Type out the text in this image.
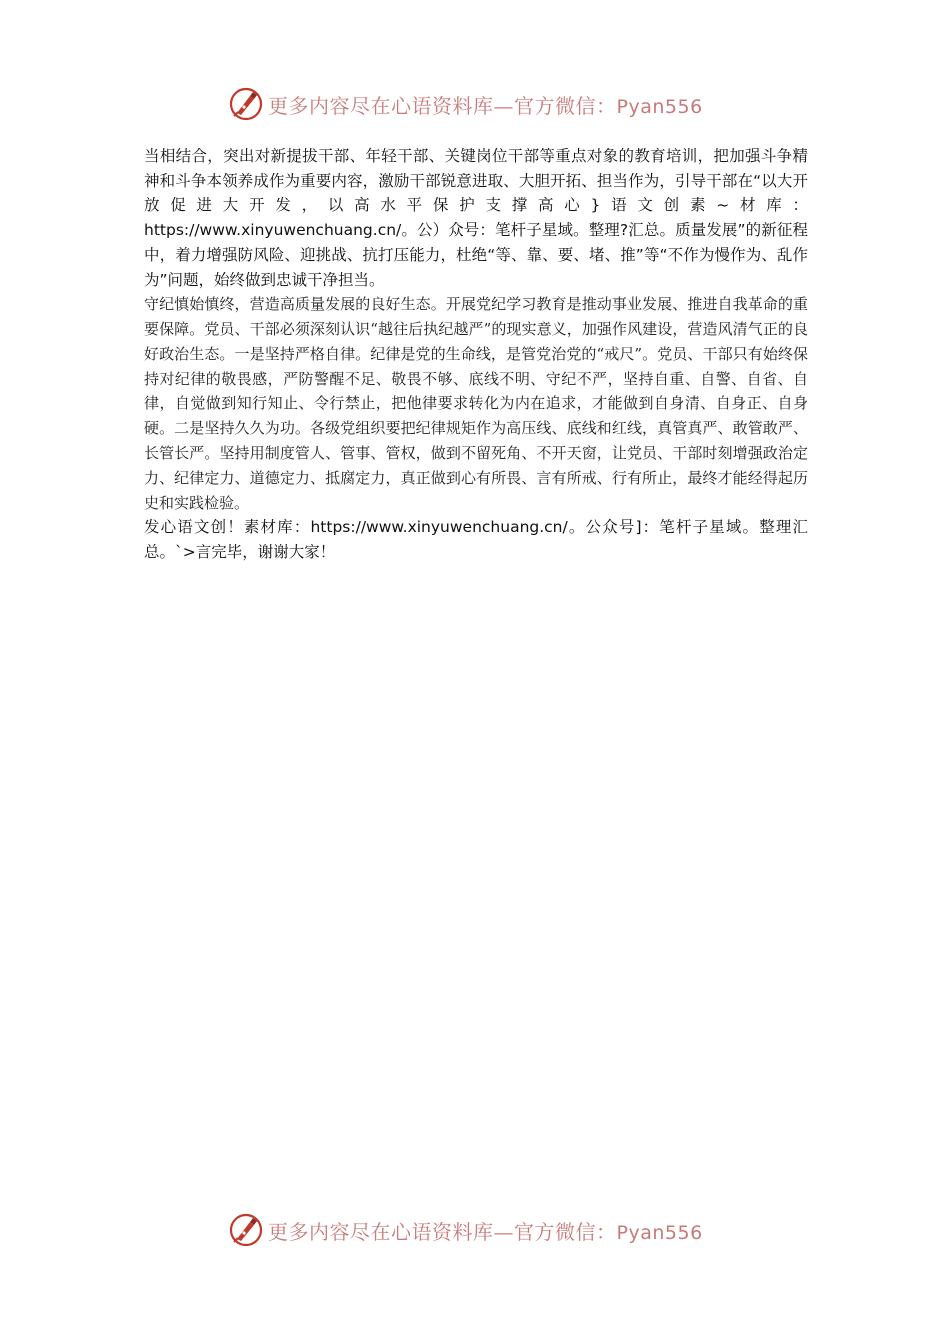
更多内容尽在心语资料库—官方微信：Pyan556

当相结合，突出对新提拔干部、年轻干部、关键岗位干部等重点对象的教育培训，把加强斗争精神和斗争本领养成作为重要内容，激励干部锐意进取、大胆开拓、担当作为，引导干部在“以大开放促进大开发，以高水平保护支撑高心}语文创素~材库：https://www.xinyuwenchuang.cn/。公）众号：笔杆子星域。整理?汇总。质量发展”的新征程中，着力增强防风险、迎挑战、抗打压能力，杜绝“等、靠、要、堵、推”等“不作为慢作为、乱作为”问题，始终做到忠诚干净担当。

守纪慎始慎终，营造高质量发展的良好生态。开展党纪学习教育是推动事业发展、推进自我革命的重要保障。党员、干部必须深刻认识“越往后执纪越严”的现实意义，加强作风建设，营造风清气正的良好政治生态。一是坚持严格自律。纪律是党的生命线，是管党治党的“戒尺”。党员、干部只有始终保持对纪律的敬畏感，严防警醒不足、敬畏不够、底线不明、守纪不严，坚持自重、自警、自省、自律，自觉做到知行知止、令行禁止，把他律要求转化为内在追求，才能做到自身清、自身正、自身硬。二是坚持久久为功。各级党组织要把纪律规矩作为高压线、底线和红线，真管真严、敢管敢严、长管长严。坚持用制度管人、管事、管权，做到不留死角、不开天窗，让党员、干部时刻增强政治定力、纪律定力、道德定力、抵腐定力，真正做到心有所畏、言有所戒、行有所止，最终才能经得起历史和实践检验。

发心语文创！素材库：https://www.xinyuwenchuang.cn/。公众号]：笔杆子星域。整理汇总。`>言完毕，谢谢大家！

更多内容尽在心语资料库—官方微信：Pyan556
